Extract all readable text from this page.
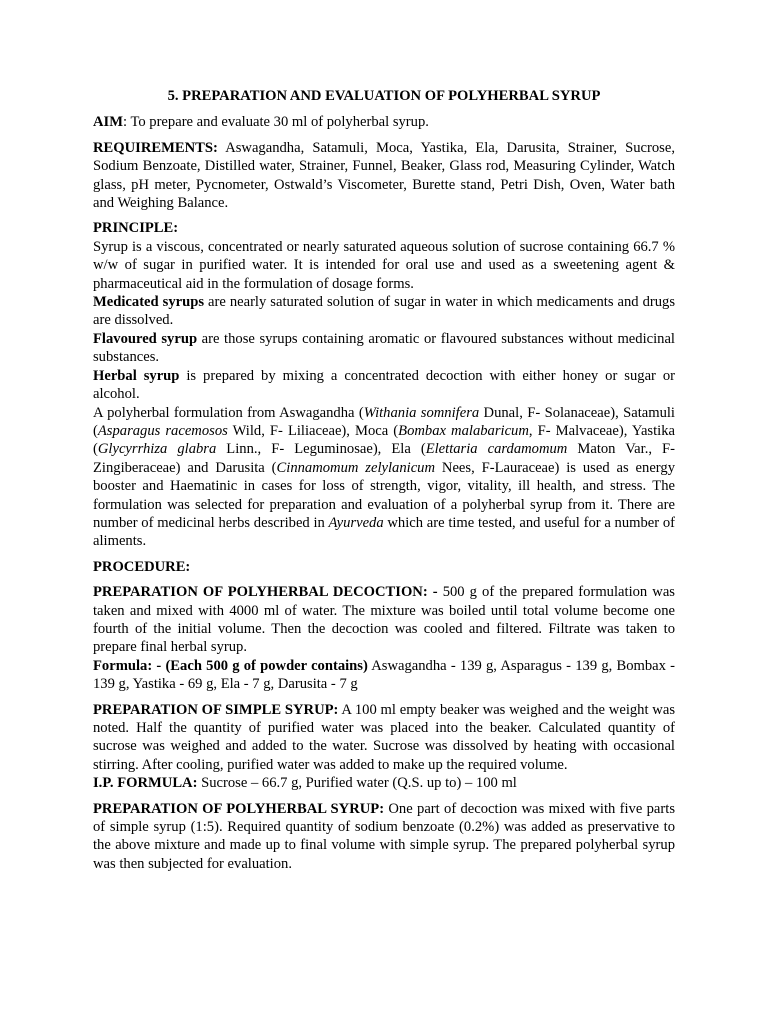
5. PREPARATION AND EVALUATION OF POLYHERBAL SYRUP

AIM: To prepare and evaluate 30 ml of polyherbal syrup.

REQUIREMENTS: Aswagandha, Satamuli, Moca, Yastika, Ela, Darusita, Strainer, Sucrose, Sodium Benzoate, Distilled water, Strainer, Funnel, Beaker, Glass rod, Measuring Cylinder, Watch glass, pH meter, Pycnometer, Ostwald’s Viscometer, Burette stand, Petri Dish, Oven, Water bath and Weighing Balance.

PRINCIPLE:

Syrup is a viscous, concentrated or nearly saturated aqueous solution of sucrose containing 66.7 % w/w of sugar in purified water. It is intended for oral use and used as a sweetening agent & pharmaceutical aid in the formulation of dosage forms.

Medicated syrups are nearly saturated solution of sugar in water in which medicaments and drugs are dissolved.

Flavoured syrup are those syrups containing aromatic or flavoured substances without medicinal substances.

Herbal syrup is prepared by mixing a concentrated decoction with either honey or sugar or alcohol.

A polyherbal formulation from Aswagandha (Withania somnifera Dunal, F- Solanaceae), Satamuli (Asparagus racemosos Wild, F- Liliaceae), Moca (Bombax malabaricum, F- Malvaceae), Yastika (Glycyrrhiza glabra Linn., F- Leguminosae), Ela (Elettaria cardamomum Maton Var., F- Zingiberaceae) and Darusita (Cinnamomum zelylanicum Nees, F-Lauraceae) is used as energy booster and Haematinic in cases for loss of strength, vigor, vitality, ill health, and stress. The formulation was selected for preparation and evaluation of a polyherbal syrup from it. There are number of medicinal herbs described in Ayurveda which are time tested, and useful for a number of aliments.

PROCEDURE:

PREPARATION OF POLYHERBAL DECOCTION: - 500 g of the prepared formulation was taken and mixed with 4000 ml of water. The mixture was boiled until total volume become one fourth of the initial volume. Then the decoction was cooled and filtered. Filtrate was taken to prepare final herbal syrup.

Formula: - (Each 500 g of powder contains) Aswagandha - 139 g, Asparagus - 139 g, Bombax - 139 g, Yastika - 69 g, Ela - 7 g, Darusita - 7 g

PREPARATION OF SIMPLE SYRUP: A 100 ml empty beaker was weighed and the weight was noted. Half the quantity of purified water was placed into the beaker. Calculated quantity of sucrose was weighed and added to the water. Sucrose was dissolved by heating with occasional stirring. After cooling, purified water was added to make up the required volume.

I.P. FORMULA: Sucrose – 66.7 g, Purified water (Q.S. up to) – 100 ml

PREPARATION OF POLYHERBAL SYRUP: One part of decoction was mixed with five parts of simple syrup (1:5). Required quantity of sodium benzoate (0.2%) was added as preservative to the above mixture and made up to final volume with simple syrup. The prepared polyherbal syrup was then subjected for evaluation.
